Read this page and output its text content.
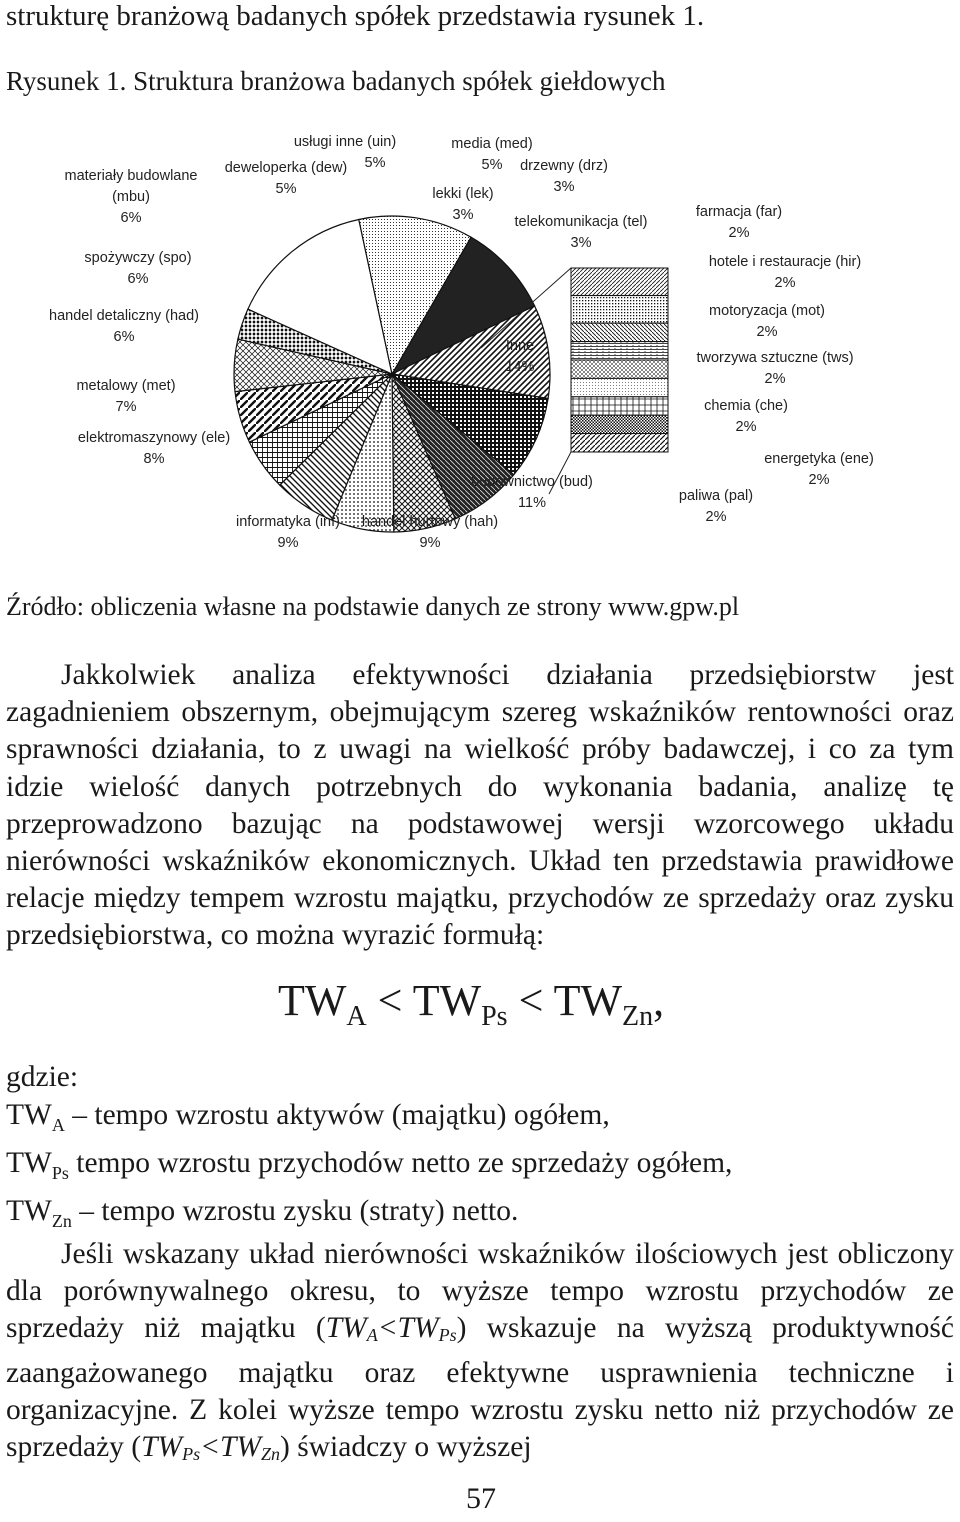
strukturę branżową badanych spółek przedstawia rysunek 1.
Rysunek 1. Struktura branżowa badanych spółek giełdowych
usługi inne (uin)
5%
media (med)
5% drzewny (drz)
3%
deweloperka (dew)
5%	lekki (lek)
3%	telekomunikacja (tel)
3%
materiały budowlane
(mbu)
6%	farmacja (far)
2%
hotele i restauracje (hir)
2%
spożywczy (spo)
6%
handel detaliczny (had)
6%
motoryzacja (mot)
2%
Inne
14%
tworzywa sztuczne (tws)
2%
metalowy (met)
7%	chemia (che)
2%
elektromaszynowy (ele)
8%	energetyka (ene)
2%
budownictwo (bud)
11%	paliwa (pal)
2%
informatyka (inf)
9%
handel hurtowy (hah)
9%
Źródło: obliczenia własne na podstawie danych ze strony www.gpw.pl

Jakkolwiek analiza efektywności działania przedsiębiorstw jest zagadnieniem obszernym, obejmującym szereg wskaźników rentowności oraz sprawności działania, to z uwagi na wielkość próby badawczej, i co za tym idzie wielość danych potrzebnych do wykonania badania, analizę tę przeprowadzono bazując na podstawowej wersji wzorcowego układu nierówności wskaźników ekonomicznych. Układ ten przedstawia prawidłowe relacje między tempem wzrostu majątku, przychodów ze sprzedaży oraz zysku przedsiębiorstwa, co można wyrazić formułą:

$TW_A < TW_{Ps} < TW_{Zn}$,
gdzie:
$TW_A$ – tempo wzrostu aktywów (majątku) ogółem,
$TW_{Ps}$ tempo wzrostu przychodów netto ze sprzedaży ogółem,
$TW_{Zn}$ – tempo wzrostu zysku (straty) netto.

Jeśli wskazany układ nierówności wskaźników ilościowych jest obliczony dla porównywalnego okresu, to wyższe tempo wzrostu przychodów ze sprzedaży niż majątku (TWA<TWPs) wskazuje na wyższą produktywność zaangażowanego majątku oraz efektywne usprawnienia techniczne i organizacyjne. Z kolei wyższe tempo wzrostu zysku netto niż przychodów ze sprzedaży (TWPs<TWZn) świadczy o wyższej

57
